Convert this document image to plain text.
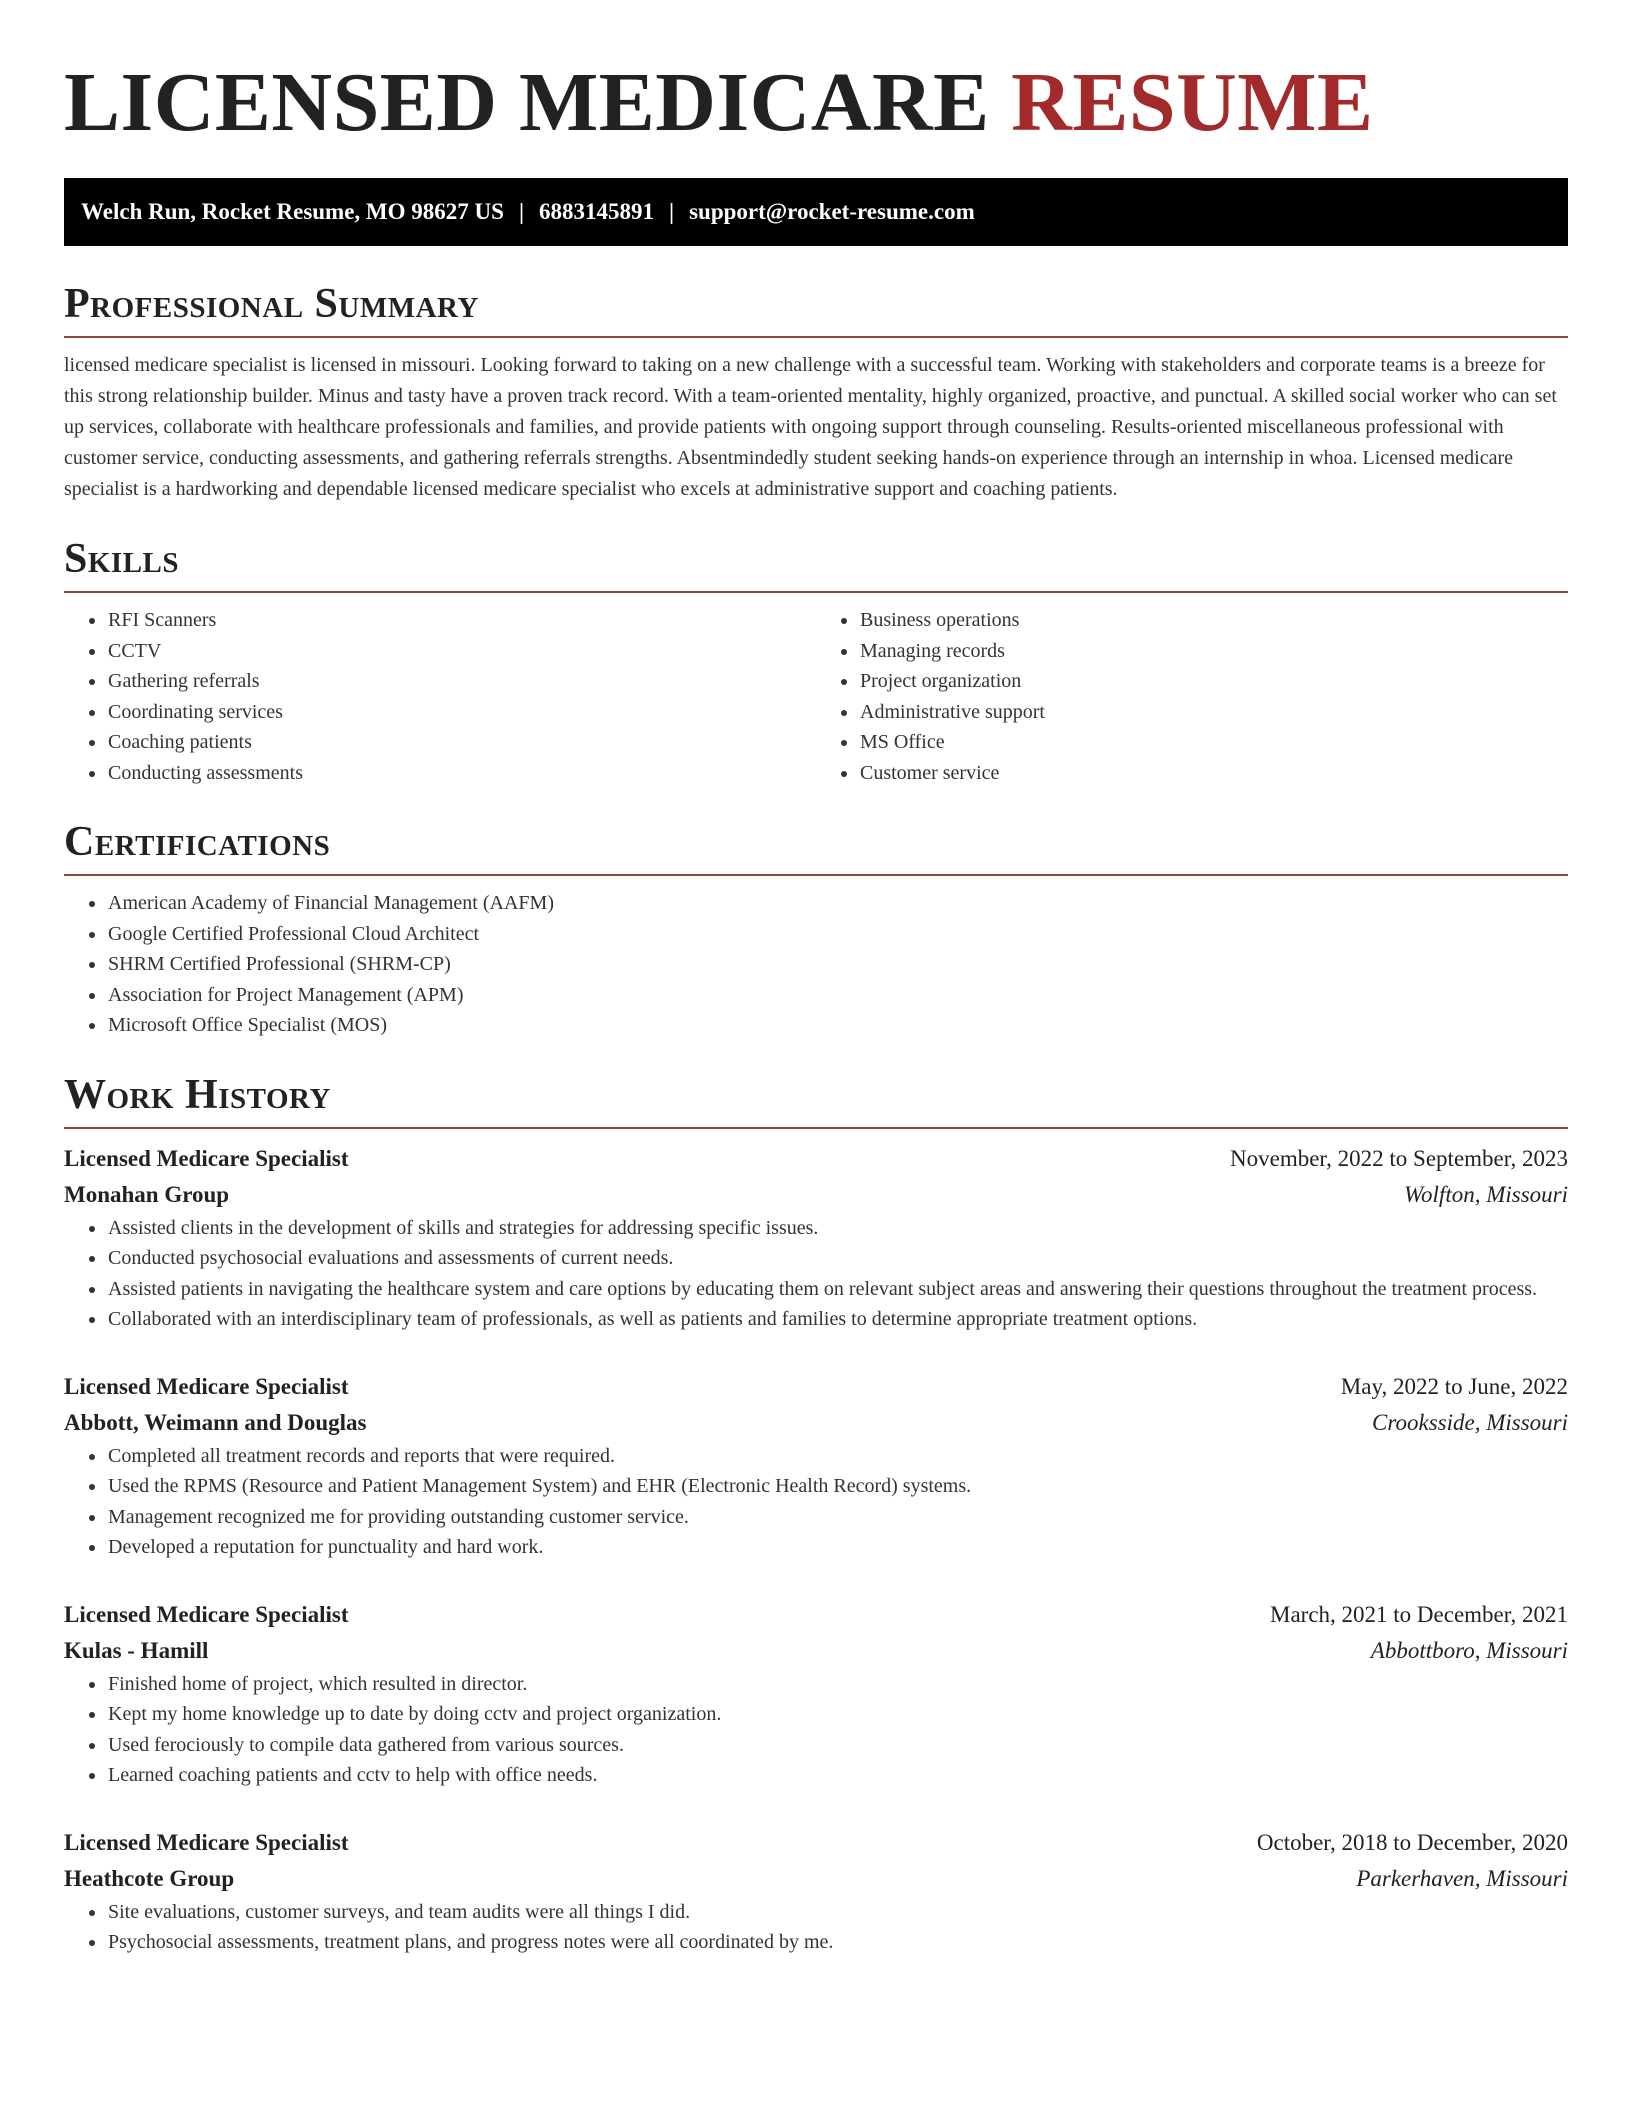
LICENSED MEDICARE RESUME
Welch Run, Rocket Resume, MO 98627 US | 6883145891 | support@rocket-resume.com
Professional Summary

licensed medicare specialist is licensed in missouri. Looking forward to taking on a new challenge with a successful team. Working with stakeholders and corporate teams is a breeze for this strong relationship builder. Minus and tasty have a proven track record. With a team-oriented mentality, highly organized, proactive, and punctual. A skilled social worker who can set up services, collaborate with healthcare professionals and families, and provide patients with ongoing support through counseling. Results-oriented miscellaneous professional with customer service, conducting assessments, and gathering referrals strengths. Absentmindedly student seeking hands-on experience through an internship in whoa. Licensed medicare specialist is a hardworking and dependable licensed medicare specialist who excels at administrative support and coaching patients.

Skills
• RFI Scanners
• CCTV
• Gathering referrals
• Coordinating services
• Coaching patients
• Conducting assessments
• Business operations
• Managing records
• Project organization
• Administrative support
• MS Office
• Customer service
Certifications
• American Academy of Financial Management (AAFM)
• Google Certified Professional Cloud Architect
• SHRM Certified Professional (SHRM-CP)
• Association for Project Management (APM)
• Microsoft Office Specialist (MOS)
Work History
Licensed Medicare Specialist	November, 2022 to September, 2023
Monahan Group	Wolfton, Missouri
• Assisted clients in the development of skills and strategies for addressing specific issues.
• Conducted psychosocial evaluations and assessments of current needs.
• Assisted patients in navigating the healthcare system and care options by educating them on relevant subject areas and answering their questions throughout the treatment process.
• Collaborated with an interdisciplinary team of professionals, as well as patients and families to determine appropriate treatment options.
Licensed Medicare Specialist	May, 2022 to June, 2022
Abbott, Weimann and Douglas	Crooksside, Missouri
• Completed all treatment records and reports that were required.
• Used the RPMS (Resource and Patient Management System) and EHR (Electronic Health Record) systems.
• Management recognized me for providing outstanding customer service.
• Developed a reputation for punctuality and hard work.
Licensed Medicare Specialist	March, 2021 to December, 2021
Kulas - Hamill	Abbottboro, Missouri
• Finished home of project, which resulted in director.
• Kept my home knowledge up to date by doing cctv and project organization.
• Used ferociously to compile data gathered from various sources.
• Learned coaching patients and cctv to help with office needs.
Licensed Medicare Specialist	October, 2018 to December, 2020
Heathcote Group	Parkerhaven, Missouri
• Site evaluations, customer surveys, and team audits were all things I did.
• Psychosocial assessments, treatment plans, and progress notes were all coordinated by me.
